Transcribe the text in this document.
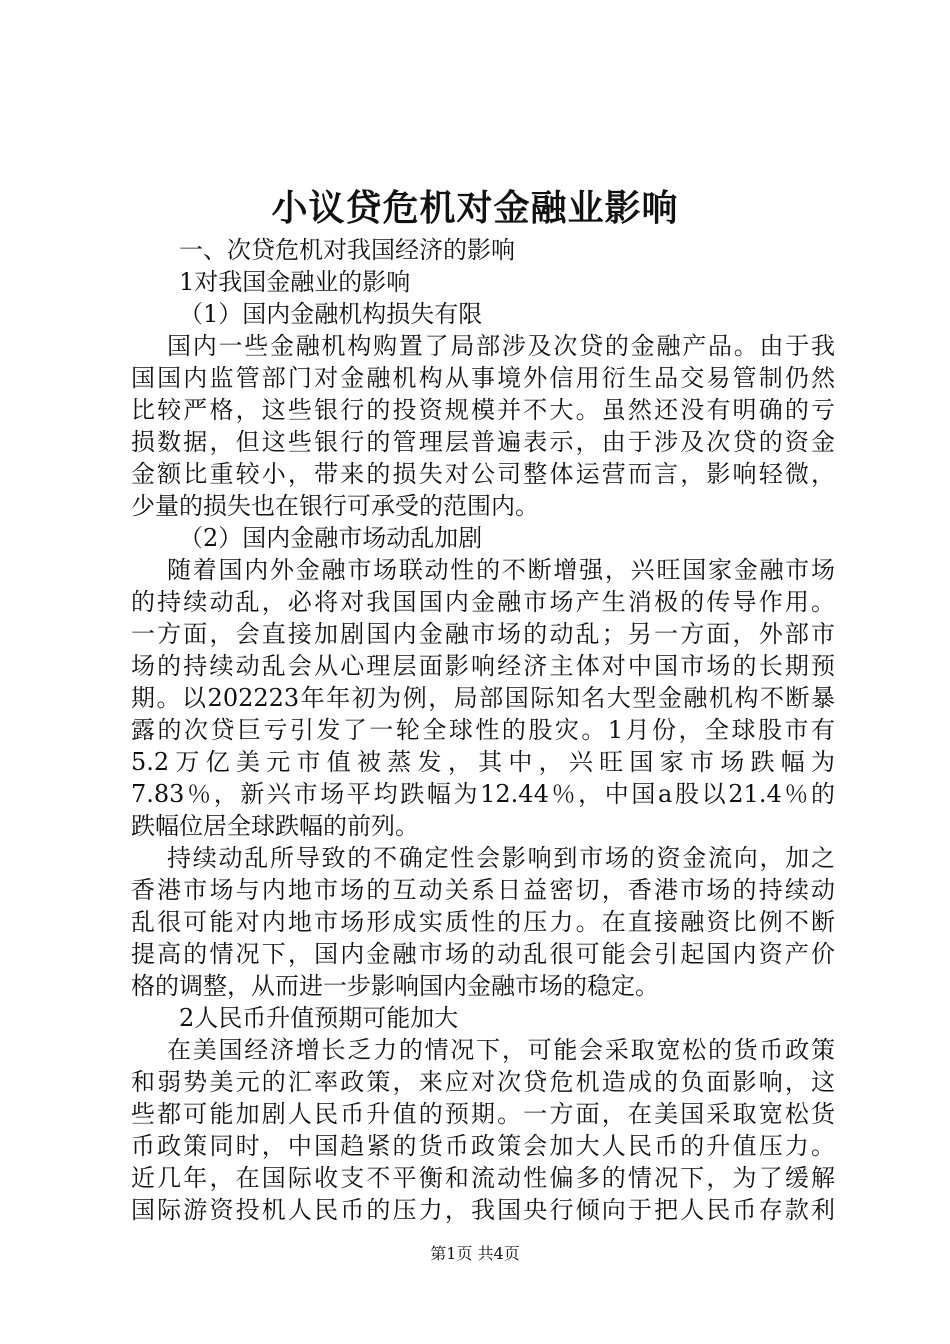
小议贷危机对金融业影响
一、次贷危机对我国经济的影响
1对我国金融业的影响
（1）国内金融机构损失有限
国内一些金融机构购置了局部涉及次贷的金融产品。由于我
国国内监管部门对金融机构从事境外信用衍生品交易管制仍然
比较严格，这些银行的投资规模并不大。虽然还没有明确的亏
损数据，但这些银行的管理层普遍表示，由于涉及次贷的资金
金额比重较小，带来的损失对公司整体运营而言，影响轻微，
少量的损失也在银行可承受的范围内。
（2）国内金融市场动乱加剧
随着国内外金融市场联动性的不断增强，兴旺国家金融市场
的持续动乱，必将对我国国内金融市场产生消极的传导作用。
一方面，会直接加剧国内金融市场的动乱；另一方面，外部市
场的持续动乱会从心理层面影响经济主体对中国市场的长期预
期。以202223年年初为例，局部国际知名大型金融机构不断暴
露的次贷巨亏引发了一轮全球性的股灾。1月份，全球股市有
5.2万亿美元市值被蒸发，其中，兴旺国家市场跌幅为
7.83％，新兴市场平均跌幅为12.44％，中国a股以21.4％的
跌幅位居全球跌幅的前列。
持续动乱所导致的不确定性会影响到市场的资金流向，加之
香港市场与内地市场的互动关系日益密切，香港市场的持续动
乱很可能对内地市场形成实质性的压力。在直接融资比例不断
提高的情况下，国内金融市场的动乱很可能会引起国内资产价
格的调整，从而进一步影响国内金融市场的稳定。
2人民币升值预期可能加大
在美国经济增长乏力的情况下，可能会采取宽松的货币政策
和弱势美元的汇率政策，来应对次贷危机造成的负面影响，这
些都可能加剧人民币升值的预期。一方面，在美国采取宽松货
币政策同时，中国趋紧的货币政策会加大人民币的升值压力。
近几年，在国际收支不平衡和流动性偏多的情况下，为了缓解
国际游资投机人民币的压力，我国央行倾向于把人民币存款利
第1页 共4页
